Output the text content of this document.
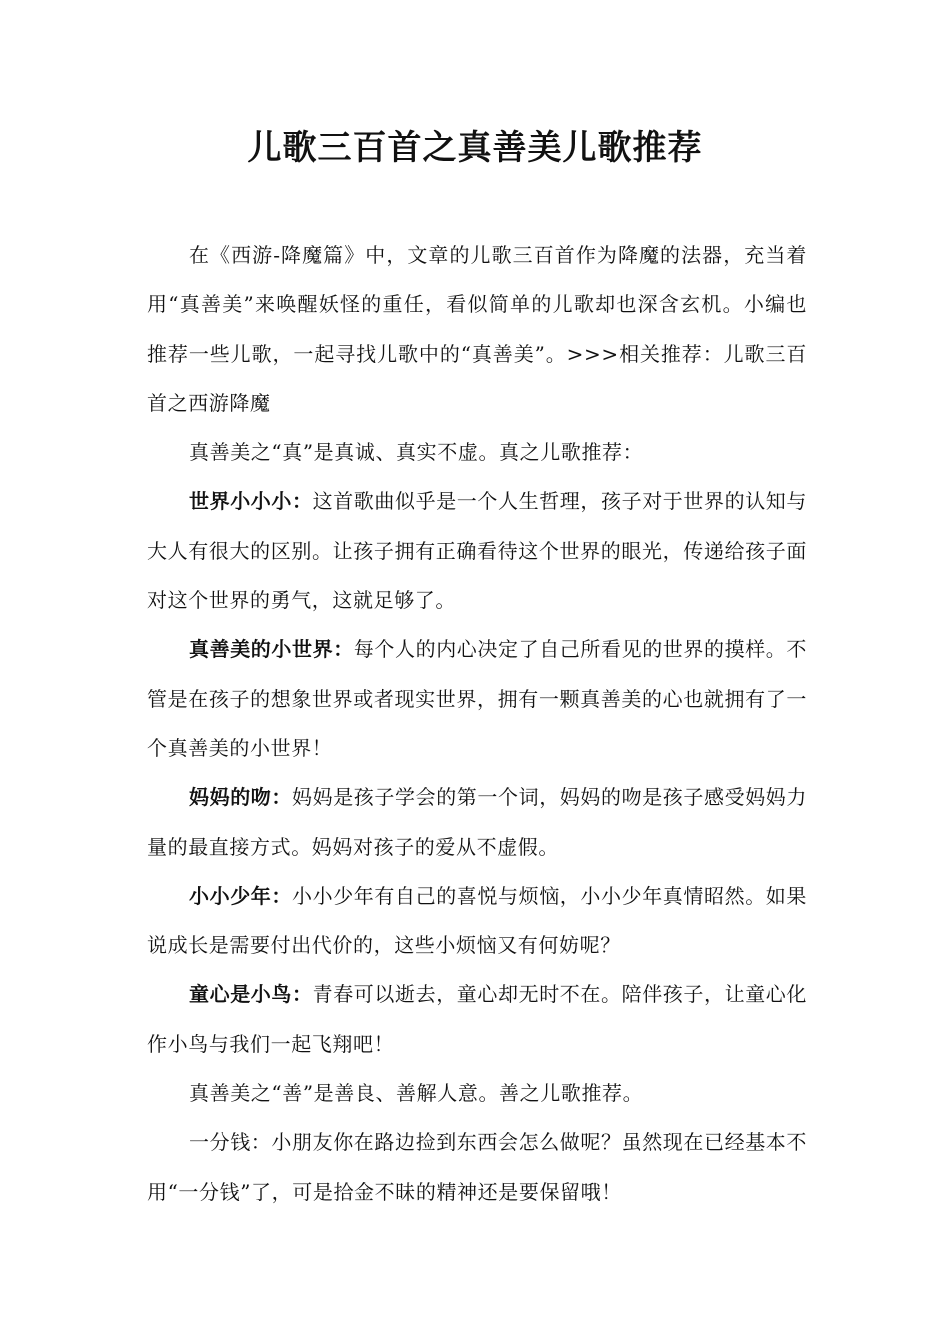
儿歌三百首之真善美儿歌推荐

在《西游-降魔篇》中，文章的儿歌三百首作为降魔的法器，充当着用“真善美”来唤醒妖怪的重任，看似简单的儿歌却也深含玄机。小编也推荐一些儿歌，一起寻找儿歌中的“真善美”。>>>相关推荐：儿歌三百首之西游降魔

真善美之“真”是真诚、真实不虚。真之儿歌推荐：

世界小小小：这首歌曲似乎是一个人生哲理，孩子对于世界的认知与大人有很大的区别。让孩子拥有正确看待这个世界的眼光，传递给孩子面对这个世界的勇气，这就足够了。

真善美的小世界：每个人的内心决定了自己所看见的世界的摸样。不管是在孩子的想象世界或者现实世界，拥有一颗真善美的心也就拥有了一个真善美的小世界！

妈妈的吻：妈妈是孩子学会的第一个词，妈妈的吻是孩子感受妈妈力量的最直接方式。妈妈对孩子的爱从不虚假。

小小少年：小小少年有自己的喜悦与烦恼，小小少年真情昭然。如果说成长是需要付出代价的，这些小烦恼又有何妨呢？

童心是小鸟：青春可以逝去，童心却无时不在。陪伴孩子，让童心化作小鸟与我们一起飞翔吧！

真善美之“善”是善良、善解人意。善之儿歌推荐。

一分钱：小朋友你在路边捡到东西会怎么做呢？虽然现在已经基本不用“一分钱”了，可是拾金不昧的精神还是要保留哦！
